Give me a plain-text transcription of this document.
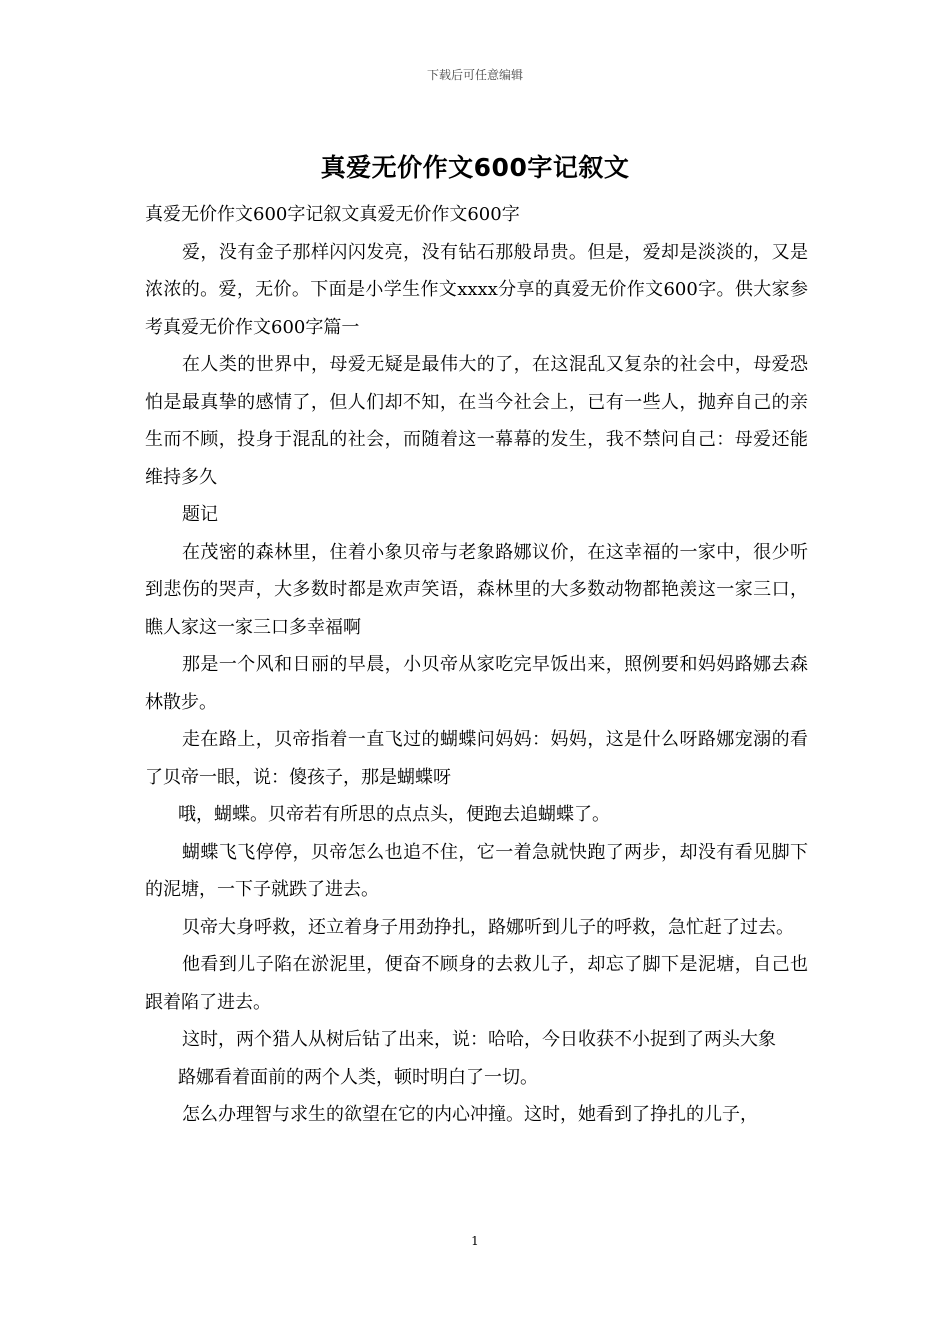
下载后可任意编辑
真爱无价作文600字记叙文

真爱无价作文600字记叙文真爱无价作文600字

爱，没有金子那样闪闪发亮，没有钻石那般昂贵。但是，爱却是淡淡的，又是浓浓的。爱，无价。下面是小学生作文xxxx分享的真爱无价作文600字。供大家参考真爱无价作文600字篇一

在人类的世界中，母爱无疑是最伟大的了，在这混乱又复杂的社会中，母爱恐怕是最真挚的感情了，但人们却不知，在当今社会上，已有一些人，抛弃自己的亲生而不顾，投身于混乱的社会，而随着这一幕幕的发生，我不禁问自己：母爱还能维持多久

题记

在茂密的森林里，住着小象贝帝与老象路娜议价，在这幸福的一家中，很少听到悲伤的哭声，大多数时都是欢声笑语，森林里的大多数动物都艳羡这一家三口，瞧人家这一家三口多幸福啊

那是一个风和日丽的早晨，小贝帝从家吃完早饭出来，照例要和妈妈路娜去森林散步。

走在路上，贝帝指着一直飞过的蝴蝶问妈妈：妈妈，这是什么呀路娜宠溺的看了贝帝一眼，说：傻孩子，那是蝴蝶呀

哦，蝴蝶。贝帝若有所思的点点头，便跑去追蝴蝶了。

蝴蝶飞飞停停，贝帝怎么也追不住，它一着急就快跑了两步，却没有看见脚下的泥塘，一下子就跌了进去。

贝帝大身呼救，还立着身子用劲挣扎，路娜听到儿子的呼救，急忙赶了过去。

他看到儿子陷在淤泥里，便奋不顾身的去救儿子，却忘了脚下是泥塘，自己也跟着陷了进去。

这时，两个猎人从树后钻了出来，说：哈哈，今日收获不小捉到了两头大象

路娜看着面前的两个人类，顿时明白了一切。

怎么办理智与求生的欲望在它的内心冲撞。这时，她看到了挣扎的儿子，

1
